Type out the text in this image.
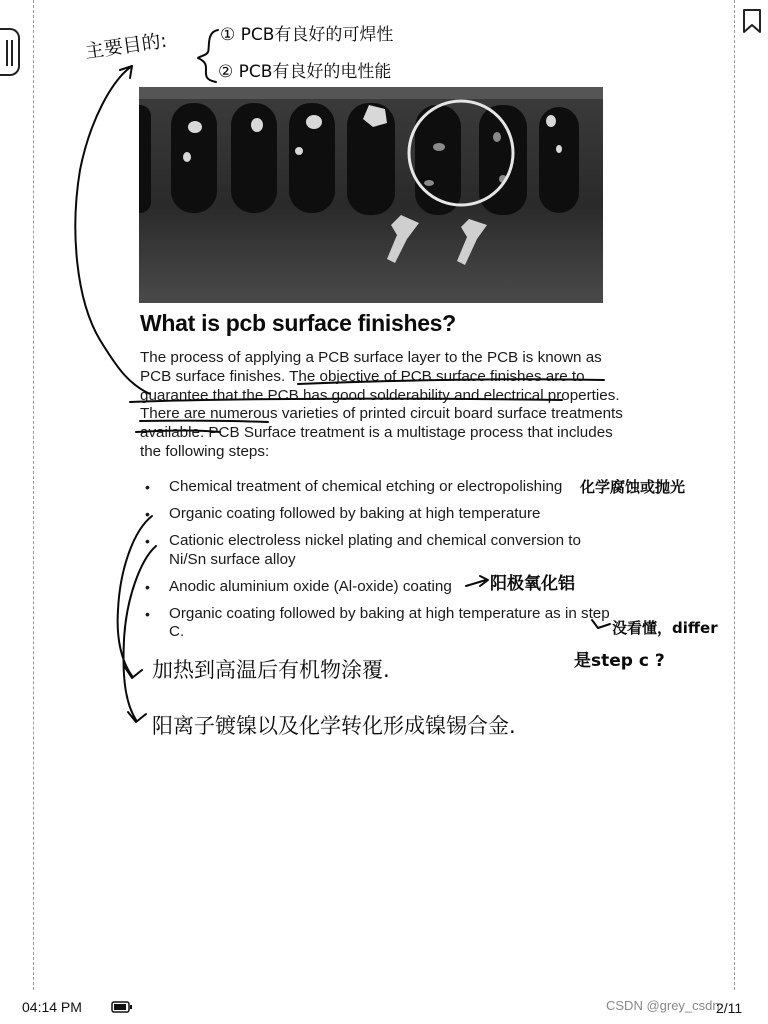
What is pcb surface finishes?

The process of applying a PCB surface layer to the PCB is known as PCB surface finishes. The objective of PCB surface finishes are to guarantee that the PCB has good solderability and electrical properties. There are numerous varieties of printed circuit board surface treatments available. PCB Surface treatment is a multistage process that includes the following steps:

• Chemical treatment of chemical etching or electropolishing
• Organic coating followed by baking at high temperature
• Cationic electroless nickel plating and chemical conversion to Ni/Sn surface alloy
• Anodic aluminium oxide (Al-oxide) coating
• Organic coating followed by baking at high temperature as in step C.
主要目的:	① PCB有良好的可焊性
② PCB有良好的电性能
化学腐蚀或抛光
阳极氧化铝
没看懂，differ
是step c ?
加热到高温后有机物涂覆.
阳离子镀镍以及化学转化形成镍锡合金.
04:14 PM	CSDN @grey_csdn
2/11
